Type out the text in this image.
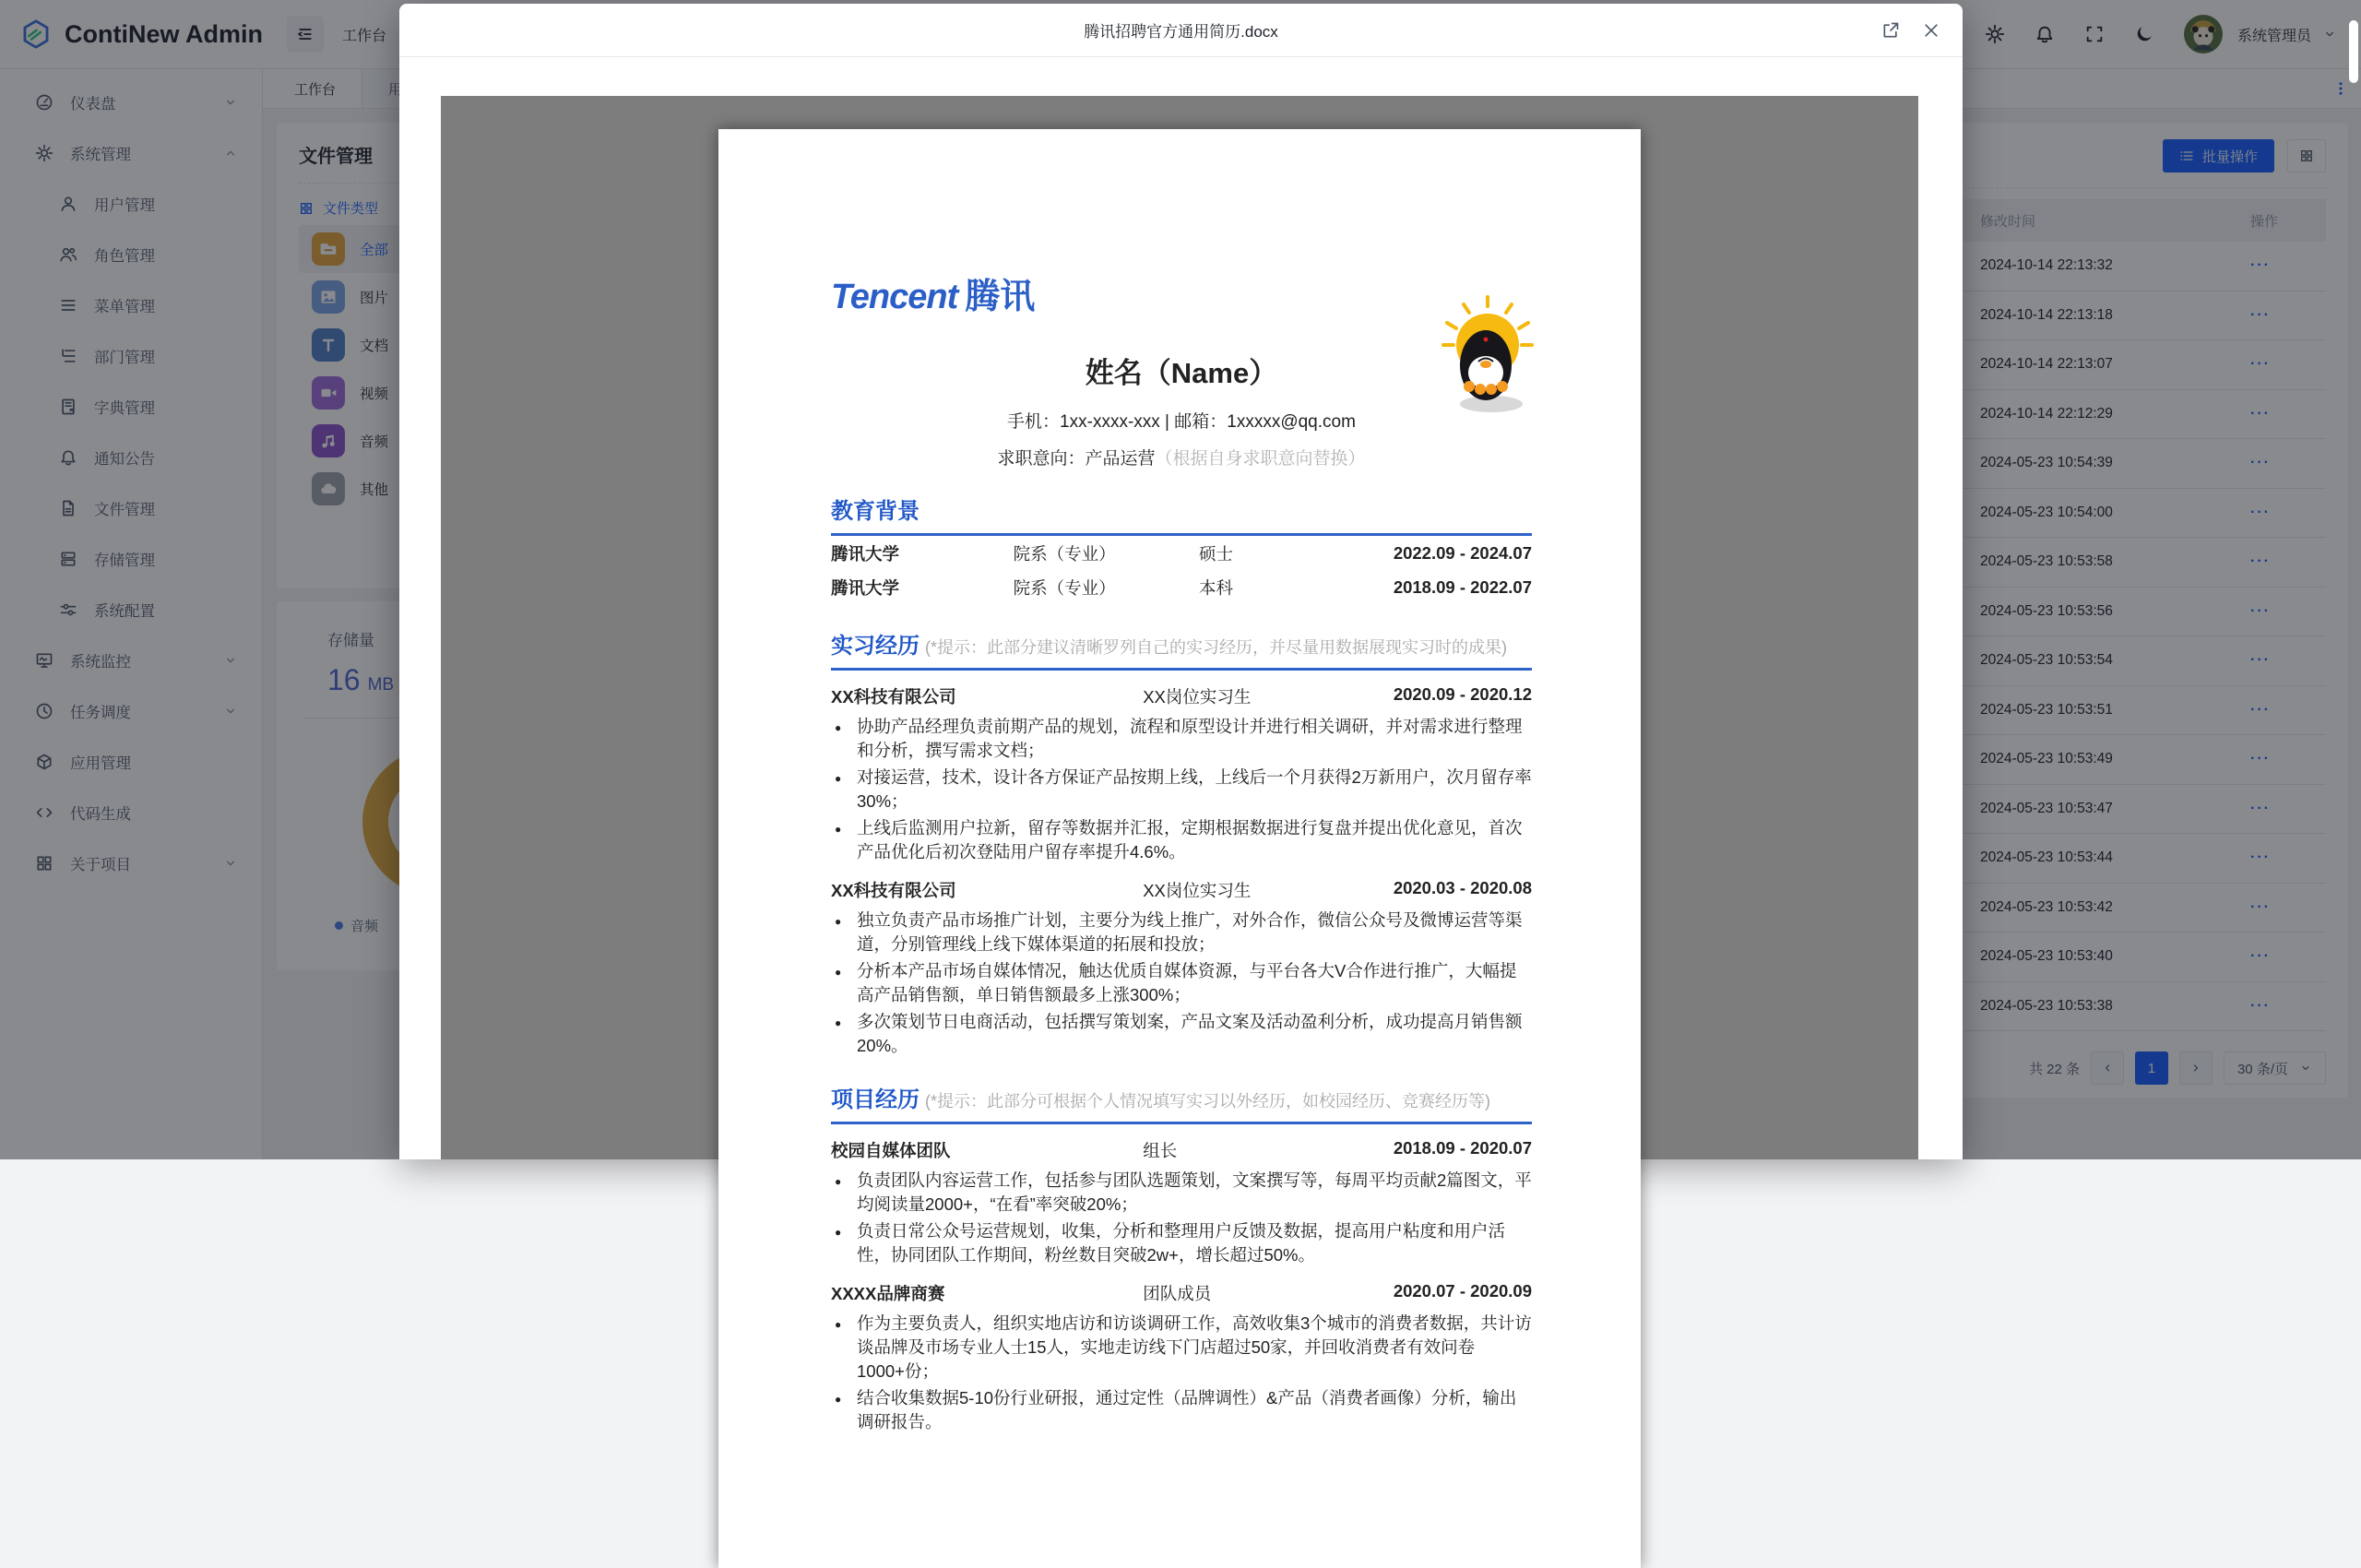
腾讯招聘官方通用简历.docx
Tencent 腾讯
姓名（Name）
手机：1xx-xxxx-xxx | 邮箱：1xxxxx@qq.com
求职意向：产品运营（根据自身求职意向替换）
教育背景
腾讯大学	院系（专业）	硕士	2022.09 - 2024.07
腾讯大学	院系（专业）	本科	2018.09 - 2022.07
实习经历 (*提示：此部分建议清晰罗列自己的实习经历，并尽量用数据展现实习时的成果)
XX科技有限公司	XX岗位实习生	2020.09 - 2020.12
● 协助产品经理负责前期产品的规划，流程和原型设计并进行相关调研，并对需求进行整理和分析，撰写需求文档；
● 对接运营，技术，设计各方保证产品按期上线，上线后一个月获得2万新用户，次月留存率30%；
● 上线后监测用户拉新，留存等数据并汇报，定期根据数据进行复盘并提出优化意见，首次产品优化后初次登陆用户留存率提升4.6%。
XX科技有限公司	XX岗位实习生	2020.03 - 2020.08
● 独立负责产品市场推广计划，主要分为线上推广，对外合作，微信公众号及微博运营等渠道，分别管理线上线下媒体渠道的拓展和投放；
● 分析本产品市场自媒体情况，触达优质自媒体资源，与平台各大V合作进行推广，大幅提高产品销售额，单日销售额最多上涨300%；
● 多次策划节日电商活动，包括撰写策划案，产品文案及活动盈利分析，成功提高月销售额20%。
项目经历 (*提示：此部分可根据个人情况填写实习以外经历，如校园经历、竞赛经历等)
校园自媒体团队	组长	2018.09 - 2020.07
● 负责团队内容运营工作，包括参与团队选题策划，文案撰写等，每周平均贡献2篇图文，平均阅读量2000+，“在看”率突破20%；
● 负责日常公众号运营规划，收集，分析和整理用户反馈及数据，提高用户粘度和用户活性，协同团队工作期间，粉丝数目突破2w+，增长超过50%。
XXXX品牌商赛	团队成员	2020.07 - 2020.09
● 作为主要负责人，组织实地店访和访谈调研工作，高效收集3个城市的消费者数据，共计访谈品牌及市场专业人士15人，实地走访线下门店超过50家，并回收消费者有效问卷1000+份；
● 结合收集数据5-10份行业研报，通过定性（品牌调性）&产品（消费者画像）分析，输出调研报告。
